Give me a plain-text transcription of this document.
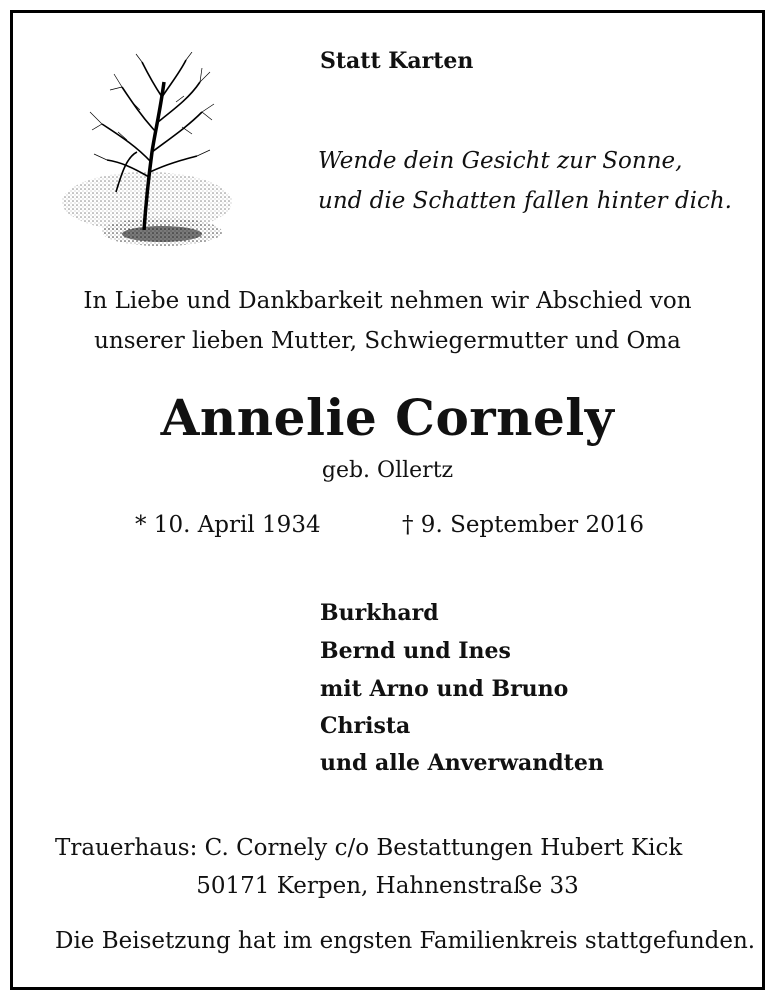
Statt Karten
Wende dein Gesicht zur Sonne,
und die Schatten fallen hinter dich.
In Liebe und Dankbarkeit nehmen wir Abschied von
unserer lieben Mutter, Schwiegermutter und Oma
Annelie Cornely
geb. Ollertz
* 10. April 1934	† 9. September 2016
Burkhard
Bernd und Ines
mit Arno und Bruno
Christa
und alle Anverwandten
Trauerhaus: C. Cornely c/o Bestattungen Hubert Kick
50171 Kerpen, Hahnenstraße 33
Die Beisetzung hat im engsten Familienkreis stattgefunden.
